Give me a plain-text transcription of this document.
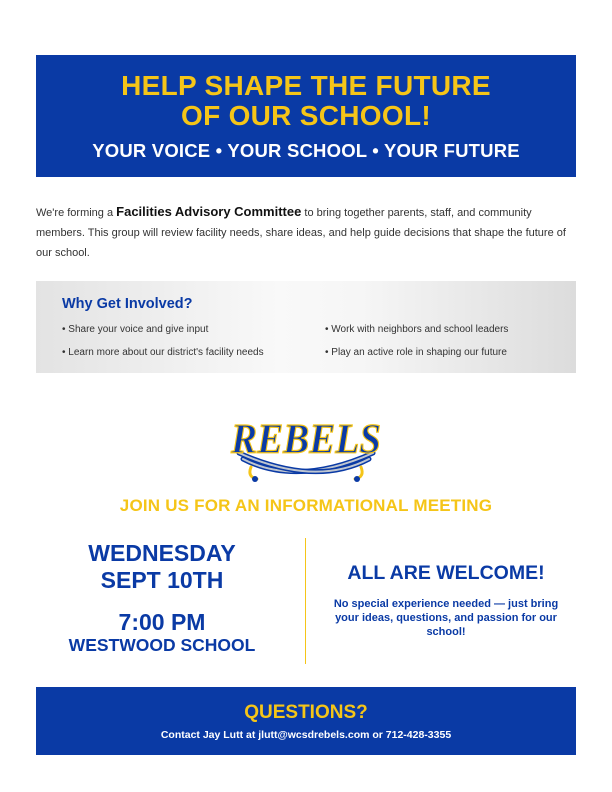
HELP SHAPE THE FUTURE
OF OUR SCHOOL!
YOUR VOICE • YOUR SCHOOL • YOUR FUTURE
We're forming a Facilities Advisory Committee to bring together parents, staff, and community members. This group will review facility needs, share ideas, and help guide decisions that shape the future of our school.
Why Get Involved?
• Share your voice and give input
• Learn more about our district's facility needs
• Work with neighbors and school leaders
• Play an active role in shaping our future
REBELS
JOIN US FOR AN INFORMATIONAL MEETING
WEDNESDAY
SEPT 10TH
7:00 PM
WESTWOOD SCHOOL
ALL ARE WELCOME!
No special experience needed — just bring your ideas, questions, and passion for our school!
QUESTIONS?
Contact Jay Lutt at jlutt@wcsdrebels.com or 712-428-3355
